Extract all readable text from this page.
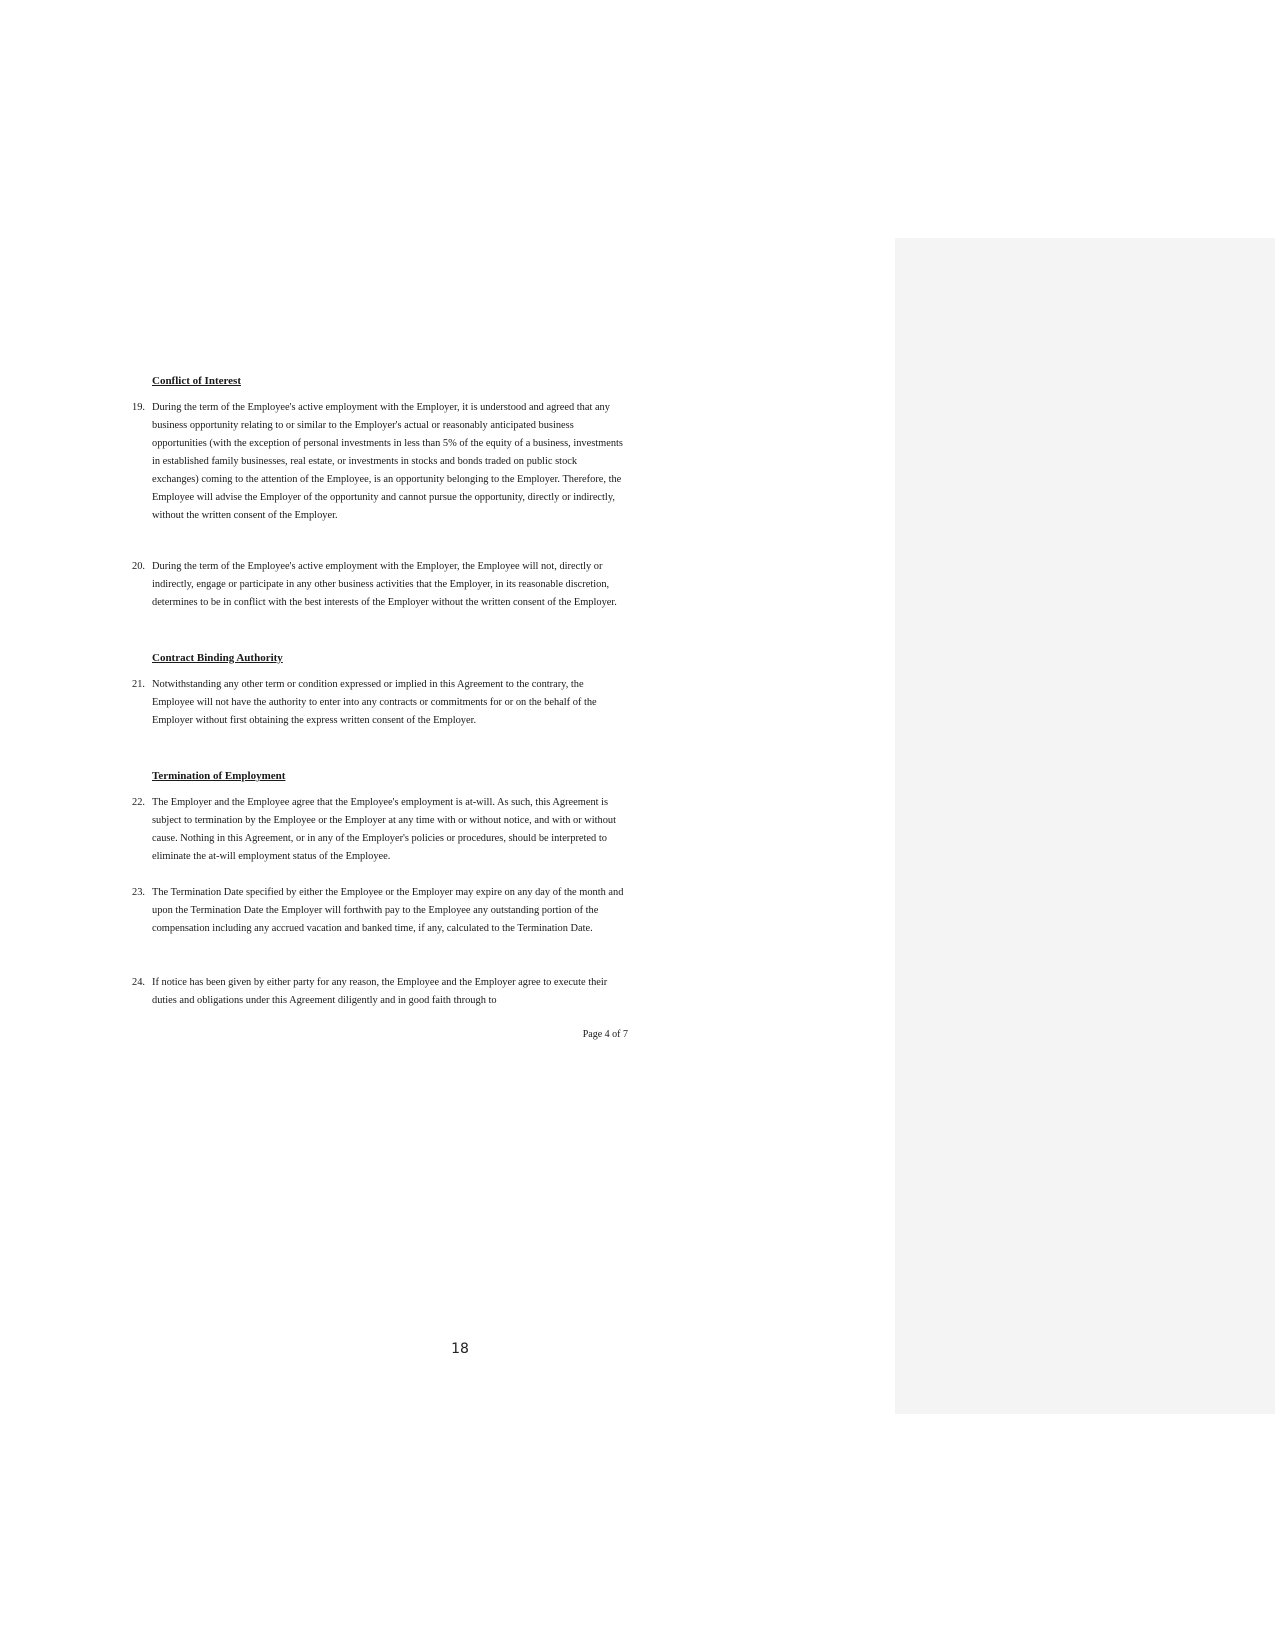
Conflict of Interest
19. During the term of the Employee's active employment with the Employer, it is understood and agreed that any business opportunity relating to or similar to the Employer's actual or reasonably anticipated business opportunities (with the exception of personal investments in less than 5% of the equity of a business, investments in established family businesses, real estate, or investments in stocks and bonds traded on public stock exchanges) coming to the attention of the Employee, is an opportunity belonging to the Employer. Therefore, the Employee will advise the Employer of the opportunity and cannot pursue the opportunity, directly or indirectly, without the written consent of the Employer.
20. During the term of the Employee's active employment with the Employer, the Employee will not, directly or indirectly, engage or participate in any other business activities that the Employer, in its reasonable discretion, determines to be in conflict with the best interests of the Employer without the written consent of the Employer.
Contract Binding Authority
21. Notwithstanding any other term or condition expressed or implied in this Agreement to the contrary, the Employee will not have the authority to enter into any contracts or commitments for or on the behalf of the Employer without first obtaining the express written consent of the Employer.
Termination of Employment
22. The Employer and the Employee agree that the Employee's employment is at-will. As such, this Agreement is subject to termination by the Employee or the Employer at any time with or without notice, and with or without cause. Nothing in this Agreement, or in any of the Employer's policies or procedures, should be interpreted to eliminate the at-will employment status of the Employee.
23. The Termination Date specified by either the Employee or the Employer may expire on any day of the month and upon the Termination Date the Employer will forthwith pay to the Employee any outstanding portion of the compensation including any accrued vacation and banked time, if any, calculated to the Termination Date.
24. If notice has been given by either party for any reason, the Employee and the Employer agree to execute their duties and obligations under this Agreement diligently and in good faith through to
Page 4 of 7
18
